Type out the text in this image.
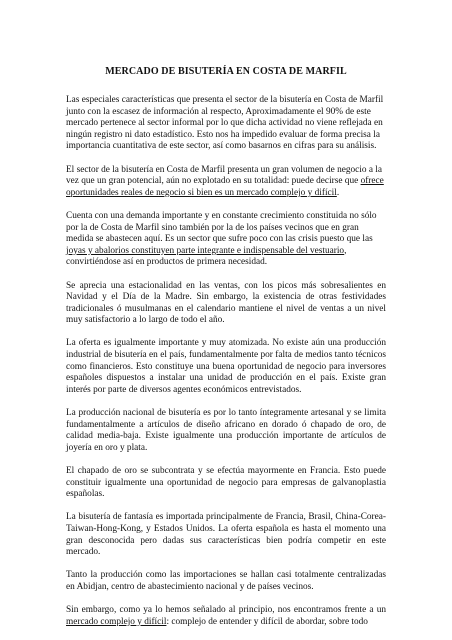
MERCADO DE BISUTERÍA EN COSTA DE MARFIL
Las especiales características que presenta el sector de la bisutería en Costa de Marfil junto con la escasez de información al respecto, Aproximadamente el 90% de este mercado pertenece al sector informal por lo que dicha actividad no viene reflejada en ningún registro ni dato estadístico. Esto nos ha impedido evaluar de forma precisa la importancia cuantitativa de este sector, así como basarnos en cifras para su análisis.
El sector de la bisutería en Costa de Marfil presenta un gran volumen de negocio a la vez que un gran potencial, aún no explotado en su totalidad: puede decirse que ofrece oportunidades reales de negocio si bien es un mercado complejo y difícil.
Cuenta con una demanda importante y en constante crecimiento constituida no sólo por la de Costa de Marfil sino también por la de los países vecinos que en gran medida se abastecen aquí. Es un sector que sufre poco con las crisis puesto que las joyas y abalorios constituyen parte integrante e indispensable del vestuario, convirtiéndose así en productos de primera necesidad.
Se aprecia una estacionalidad en las ventas, con los picos más sobresalientes en Navidad y el Día de la Madre. Sin embargo, la existencia de otras festividades tradicionales ó musulmanas en el calendario mantiene el nivel de ventas a un nivel muy satisfactorio a lo largo de todo el año.
La oferta es igualmente importante y muy atomizada. No existe aún una producción industrial de bisutería en el país, fundamentalmente por falta de medios tanto técnicos como financieros. Esto constituye una buena oportunidad de negocio para inversores españoles dispuestos a instalar una unidad de producción en el país. Existe gran interés por parte de diversos agentes económicos entrevistados.
La producción nacional de bisutería es por lo tanto íntegramente artesanal y se limita fundamentalmente a artículos de diseño africano en dorado ó chapado de oro, de calidad media-baja. Existe igualmente una producción importante de artículos de joyería en oro y plata.
El chapado de oro se subcontrata y se efectúa mayormente en Francia. Esto puede constituir igualmente una oportunidad de negocio para empresas de galvanoplastia españolas.
La bisutería de fantasía es importada principalmente de Francia, Brasil, China-Corea-Taiwan-Hong-Kong, y Estados Unidos. La oferta española es hasta el momento una gran desconocida pero dadas sus características bien podría competir en este mercado.
Tanto la producción como las importaciones se hallan casi totalmente centralizadas en Abidjan, centro de abastecimiento nacional y de países vecinos.
Sin embargo, como ya lo hemos señalado al principio, nos encontramos frente a un mercado complejo y difícil: complejo de entender y difícil de abordar, sobre todo
